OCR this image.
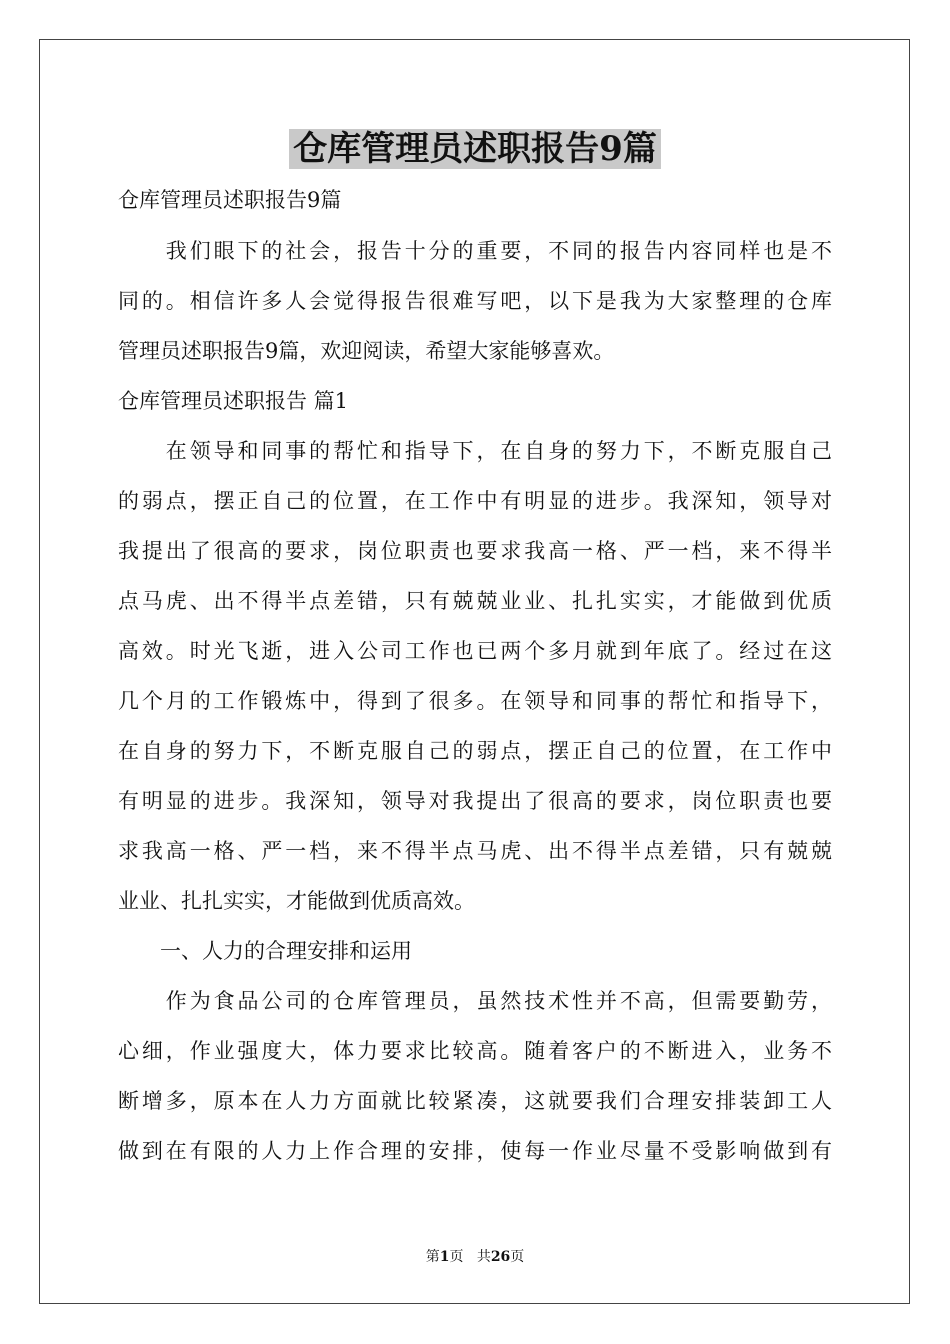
仓库管理员述职报告9篇
仓库管理员述职报告9篇
　　我们眼下的社会，报告十分的重要，不同的报告内容同样也是不
同的。相信许多人会觉得报告很难写吧，以下是我为大家整理的仓库
管理员述职报告9篇，欢迎阅读，希望大家能够喜欢。
仓库管理员述职报告 篇1
　　在领导和同事的帮忙和指导下，在自身的努力下，不断克服自己
的弱点，摆正自己的位置，在工作中有明显的进步。我深知，领导对
我提出了很高的要求，岗位职责也要求我高一格、严一档，来不得半
点马虎、出不得半点差错，只有兢兢业业、扎扎实实，才能做到优质
高效。时光飞逝，进入公司工作也已两个多月就到年底了。经过在这
几个月的工作锻炼中，得到了很多。在领导和同事的帮忙和指导下，
在自身的努力下，不断克服自己的弱点，摆正自己的位置，在工作中
有明显的进步。我深知，领导对我提出了很高的要求，岗位职责也要
求我高一格、严一档，来不得半点马虎、出不得半点差错，只有兢兢
业业、扎扎实实，才能做到优质高效。
　　一、人力的合理安排和运用
　　作为食品公司的仓库管理员，虽然技术性并不高，但需要勤劳，
心细，作业强度大，体力要求比较高。随着客户的不断进入，业务不
断增多，原本在人力方面就比较紧凑，这就要我们合理安排装卸工人
做到在有限的人力上作合理的安排，使每一作业尽量不受影响做到有
第1页 共26页
